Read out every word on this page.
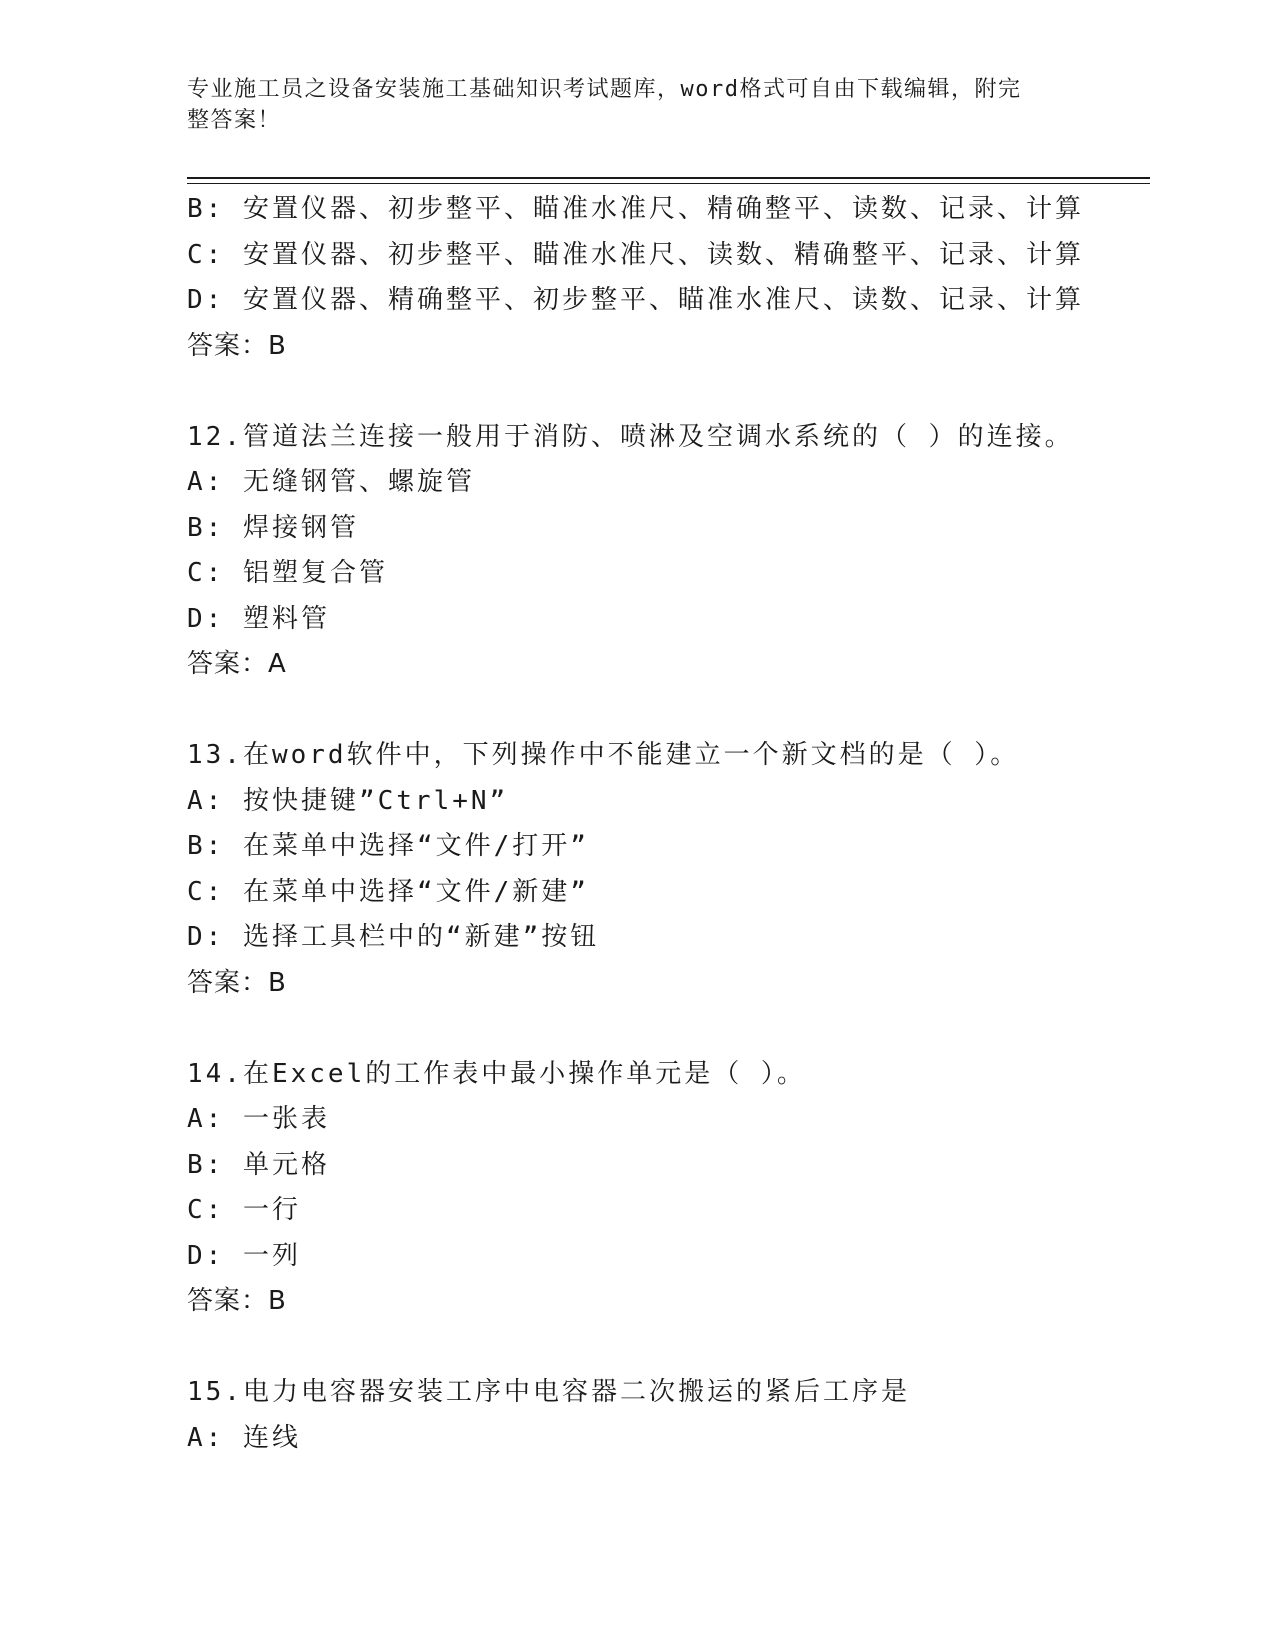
专业施工员之设备安装施工基础知识考试题库，word格式可自由下载编辑，附完
整答案！
B: 安置仪器、初步整平、瞄准水准尺、精确整平、读数、记录、计算
C: 安置仪器、初步整平、瞄准水准尺、读数、精确整平、记录、计算
D: 安置仪器、精确整平、初步整平、瞄准水准尺、读数、记录、计算
答案：B
12.管道法兰连接一般用于消防、喷淋及空调水系统的（ ）的连接。
A: 无缝钢管、螺旋管
B: 焊接钢管
C: 铝塑复合管
D: 塑料管
答案：A
13.在word软件中，下列操作中不能建立一个新文档的是（ ）。
A: 按快捷键”Ctrl+N”
B: 在菜单中选择“文件/打开”
C: 在菜单中选择“文件/新建”
D: 选择工具栏中的“新建”按钮
答案：B
14.在Excel的工作表中最小操作单元是（ ）。
A: 一张表
B: 单元格
C: 一行
D: 一列
答案：B
15.电力电容器安装工序中电容器二次搬运的紧后工序是
A: 连线
